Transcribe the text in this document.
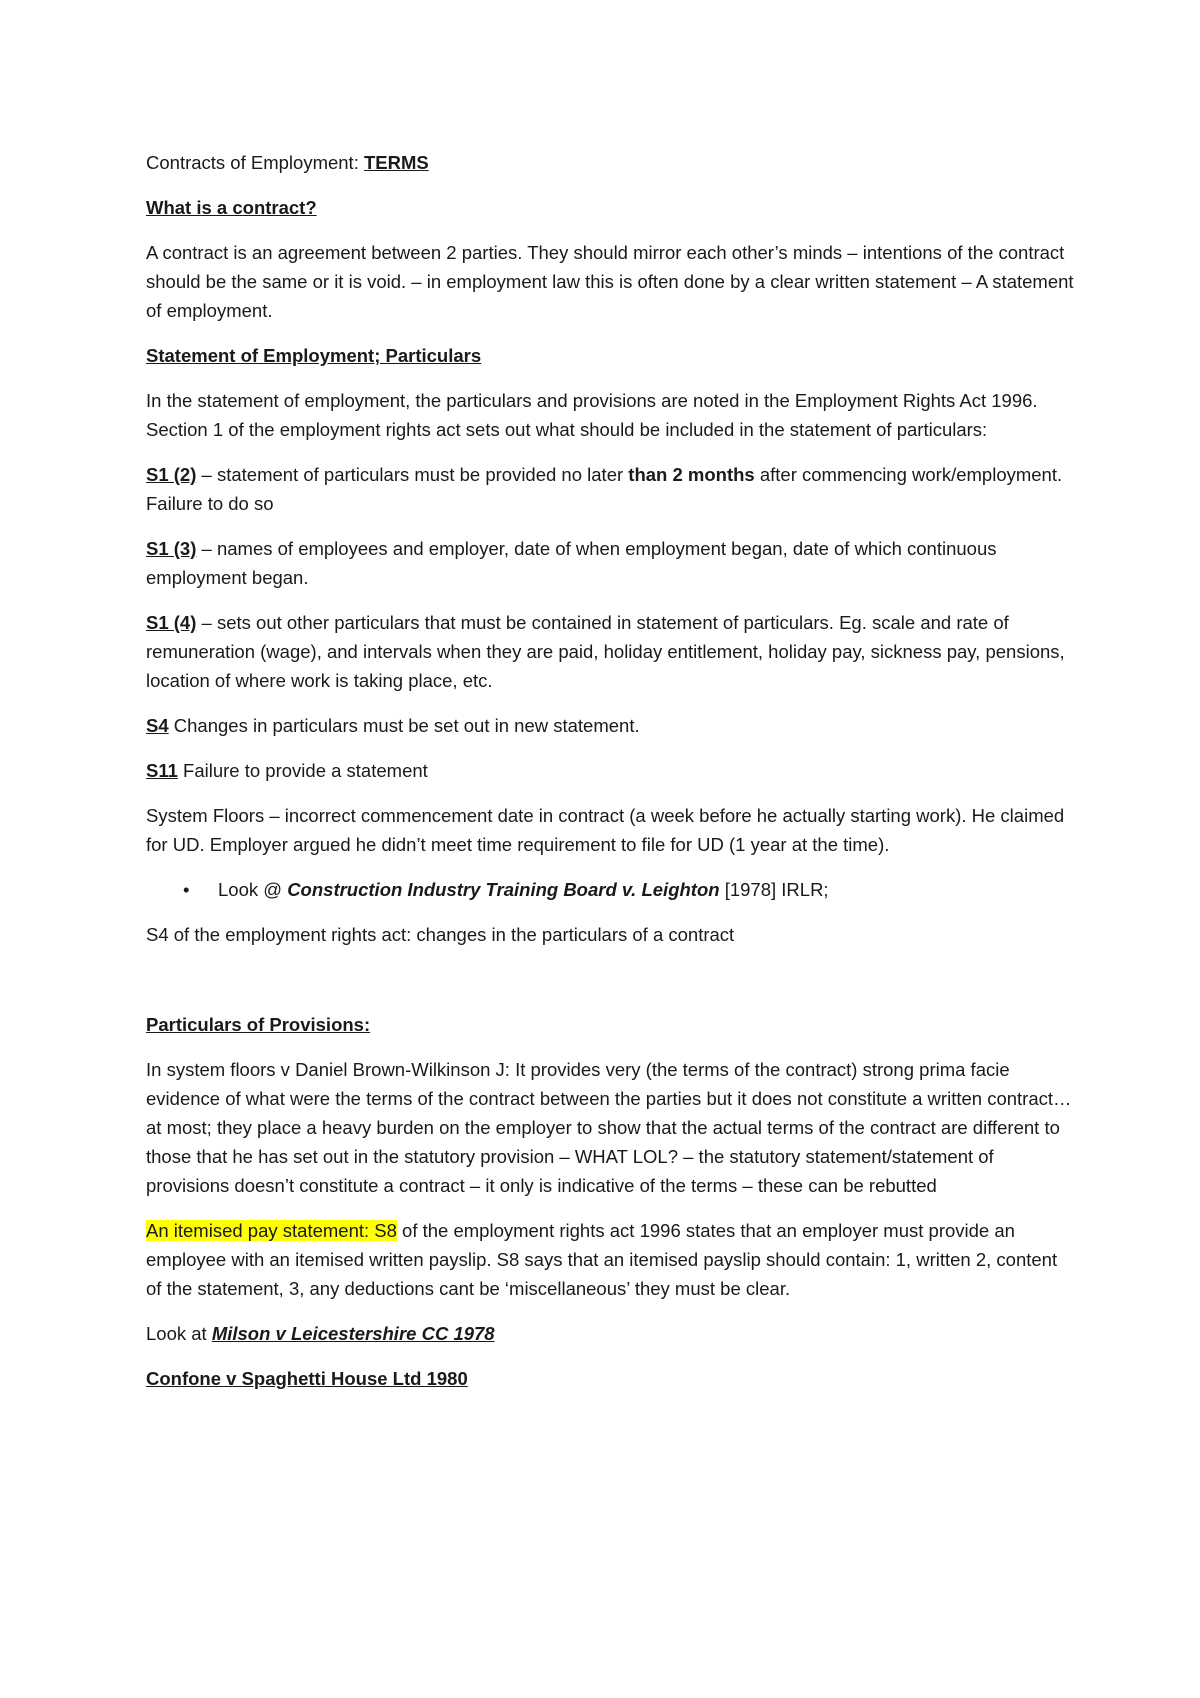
Contracts of Employment: TERMS

What is a contract?

A contract is an agreement between 2 parties. They should mirror each other’s minds – intentions of the contract should be the same or it is void. – in employment law this is often done by a clear written statement – A statement of employment.

Statement of Employment; Particulars

In the statement of employment, the particulars and provisions are noted in the Employment Rights Act 1996. Section 1 of the employment rights act sets out what should be included in the statement of particulars:

S1 (2) – statement of particulars must be provided no later than 2 months after commencing work/employment. Failure to do so

S1 (3) – names of employees and employer, date of when employment began, date of which continuous employment began.

S1 (4) – sets out other particulars that must be contained in statement of particulars. Eg. scale and rate of remuneration (wage), and intervals when they are paid, holiday entitlement, holiday pay, sickness pay, pensions, location of where work is taking place, etc.

S4 Changes in particulars must be set out in new statement.

S11 Failure to provide a statement

System Floors – incorrect commencement date in contract (a week before he actually starting work). He claimed for UD. Employer argued he didn’t meet time requirement to file for UD (1 year at the time).

• Look @ Construction Industry Training Board v. Leighton [1978] IRLR;

S4 of the employment rights act: changes in the particulars of a contract

Particulars of Provisions:

In system floors v Daniel Brown-Wilkinson J: It provides very (the terms of the contract) strong prima facie evidence of what were the terms of the contract between the parties but it does not constitute a written contract… at most; they place a heavy burden on the employer to show that the actual terms of the contract are different to those that he has set out in the statutory provision – WHAT LOL? – the statutory statement/statement of provisions doesn’t constitute a contract – it only is indicative of the terms – these can be rebutted

An itemised pay statement: S8 of the employment rights act 1996 states that an employer must provide an employee with an itemised written payslip. S8 says that an itemised payslip should contain: 1, written 2, content of the statement, 3, any deductions cant be ‘miscellaneous’ they must be clear.

Look at Milson v Leicestershire CC 1978

Confone v Spaghetti House Ltd 1980
